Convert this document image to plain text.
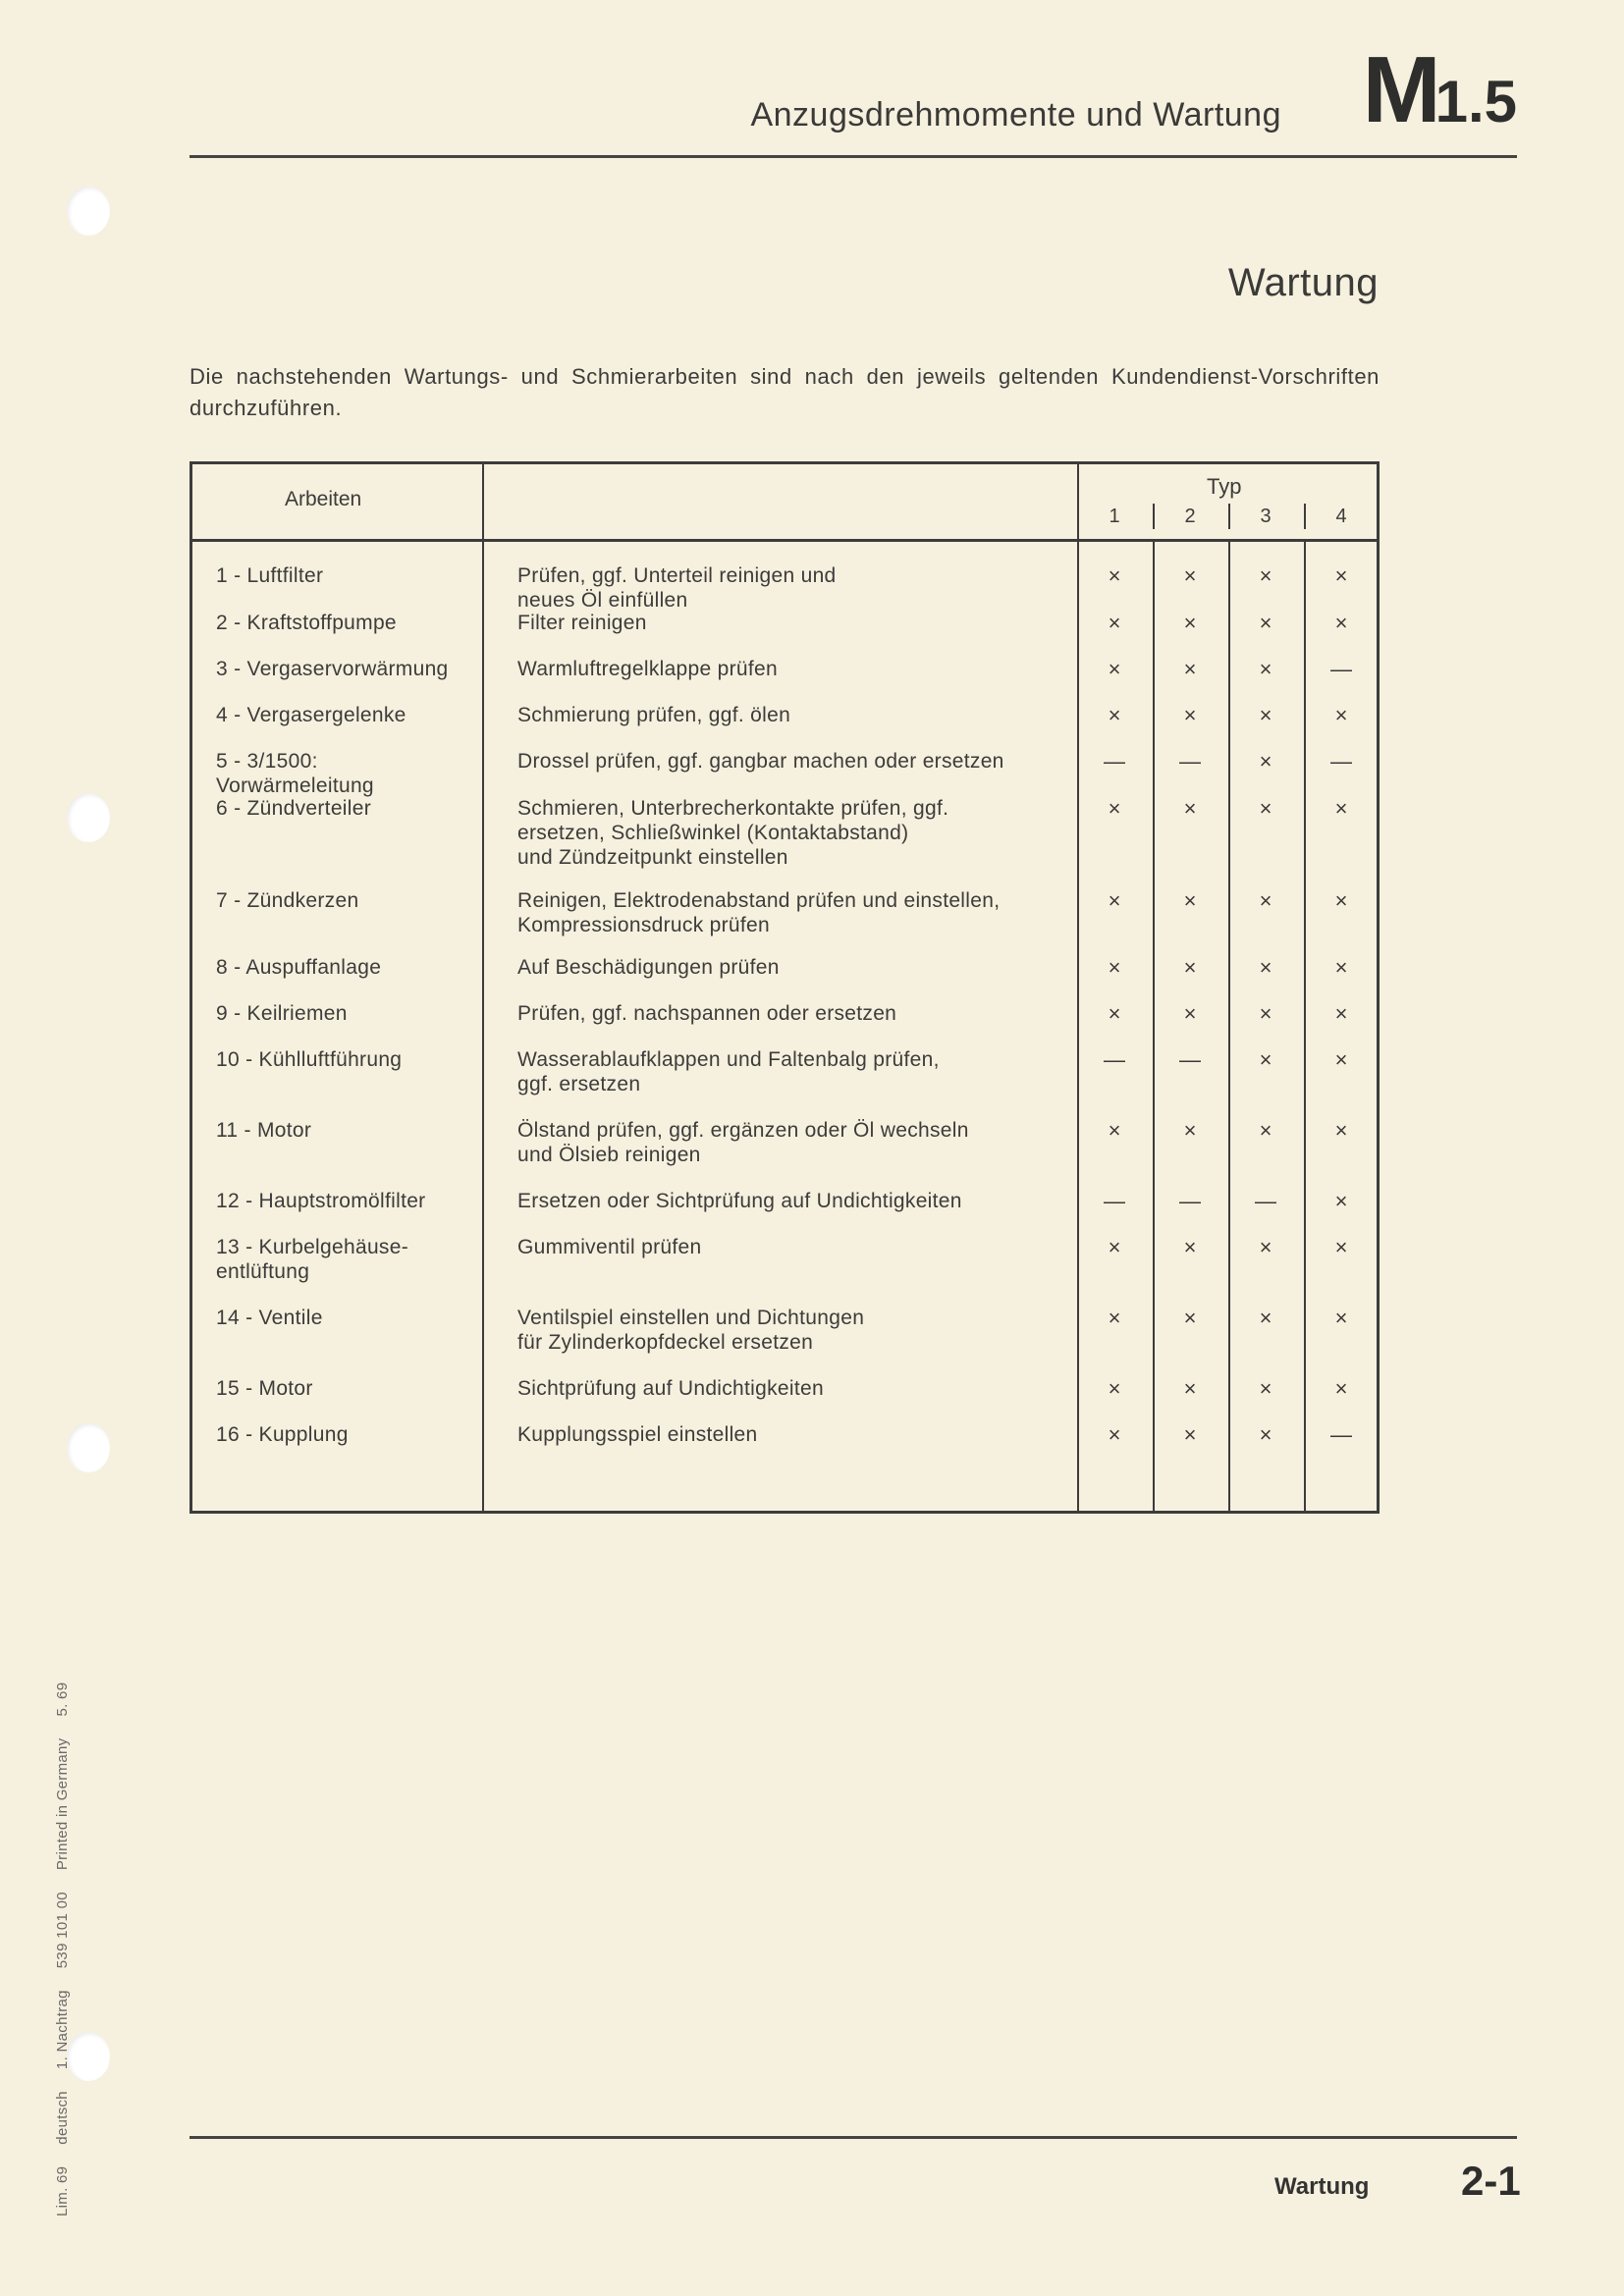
Anzugsdrehmomente und Wartung M1.5
Wartung
Die nachstehenden Wartungs- und Schmierarbeiten sind nach den jeweils geltenden Kundendienst-Vorschriften durchzuführen.
Arbeiten
Typ
1	2	3	4
1 - Luftfilter	Prüfen, ggf. Unterteil reinigen und
neues Öl einfüllen
×	×	×	×
2 - Kraftstoffpumpe	Filter reinigen	×	×	×	×
3 - Vergaservorwärmung	Warmluftregelklappe prüfen	×	×	×	—
4 - Vergasergelenke	Schmierung prüfen, ggf. ölen	×	×	×	×
5 - 3/1500:
Vorwärmeleitung
Drossel prüfen, ggf. gangbar machen oder ersetzen	—	—	×	—
6 - Zündverteiler	Schmieren, Unterbrecherkontakte prüfen, ggf.
ersetzen, Schließwinkel (Kontaktabstand)
und Zündzeitpunkt einstellen
×	×	×	×
7 - Zündkerzen	Reinigen, Elektrodenabstand prüfen und einstellen,
Kompressionsdruck prüfen
×	×	×	×
8 - Auspuffanlage	Auf Beschädigungen prüfen	×	×	×	×
9 - Keilriemen	Prüfen, ggf. nachspannen oder ersetzen	×	×	×	×
10 - Kühlluftführung	Wasserablaufklappen und Faltenbalg prüfen,
ggf. ersetzen
—	—	×	×
11 - Motor	Ölstand prüfen, ggf. ergänzen oder Öl wechseln
und Ölsieb reinigen
×	×	×	×
12 - Hauptstromölfilter	Ersetzen oder Sichtprüfung auf Undichtigkeiten	—	—	—	×
13 - Kurbelgehäuse-
entlüftung
Gummiventil prüfen	×	×	×	×
14 - Ventile	Ventilspiel einstellen und Dichtungen
für Zylinderkopfdeckel ersetzen
×	×	×	×
15 - Motor	Sichtprüfung auf Undichtigkeiten	×	×	×	×
16 - Kupplung	Kupplungsspiel einstellen	×	×	×	—
Wartung 2-1
Lim. 69deutsch1. Nachtrag539 101 00Printed in Germany5. 69
